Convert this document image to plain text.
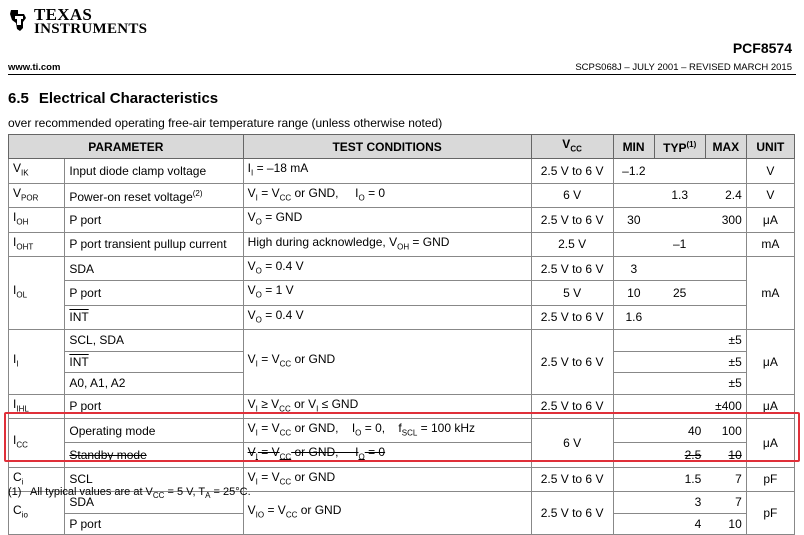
TEXAS
INSTRUMENTS
PCF8574
www.ti.com	SCPS068J – JULY 2001 – REVISED MARCH 2015
6.5 Electrical Characteristics
over recommended operating free-air temperature range (unless otherwise noted)
PARAMETER		TEST CONDITIONS	$V_{CC}$	MIN	TYP$^{(1)}$	MAX	UNIT
$V_{IK}$	Input diode clamp voltage	$I_I = -18$ mA	2.5 V to 6 V	–1.2			V
$V_{POR}$	Power-on reset voltage$^{(2)}$	$V_I = V_{CC}$ or GND,     $I_O = 0$	6 V		1.3	2.4	V
$I_{OH}$	P port	$V_O$ = GND	2.5 V to 6 V	30		300	μA
$I_{OHT}$	P port transient pullup current	High during acknowledge, $V_{OH}$ = GND	2.5 V		–1		mA
$I_{OL}$	SDA	$V_O = 0.4$ V	2.5 V to 6 V	3			mA
	P port	$V_O = 1$ V	5 V	10	25		
	$\overline{INT}$	$V_O = 0.4$ V	2.5 V to 6 V	1.6			
$I_I$	SCL, SDA	$V_I = V_{CC}$ or GND	2.5 V to 6 V			±5	μA
	$\overline{INT}$					±5	
	A0, A1, A2					±5	
$I_{IHL}$	P port	$V_I \ge V_{CC}$ or $V_I$ ≤ GND	2.5 V to 6 V			±400	μA
$I_{CC}$	Operating mode	$V_I = V_{CC}$ or GND,    $I_O = 0$,    $f_{SCL} = 100$ kHz	6 V		40	100	μA
	Standby mode	$V_I = V_{CC}$ or GND,     $I_O = 0$			2.5	10	
$C_i$	SCL	$V_I = V_{CC}$ or GND	2.5 V to 6 V		1.5	7	pF
$C_{io}$	SDA	$V_{IO} = V_{CC}$ or GND	2.5 V to 6 V		3	7	pF
	P port				4	10	
(1)   All typical values are at $V_{CC} = 5$ V, $T_A = 25^\circ C$.
